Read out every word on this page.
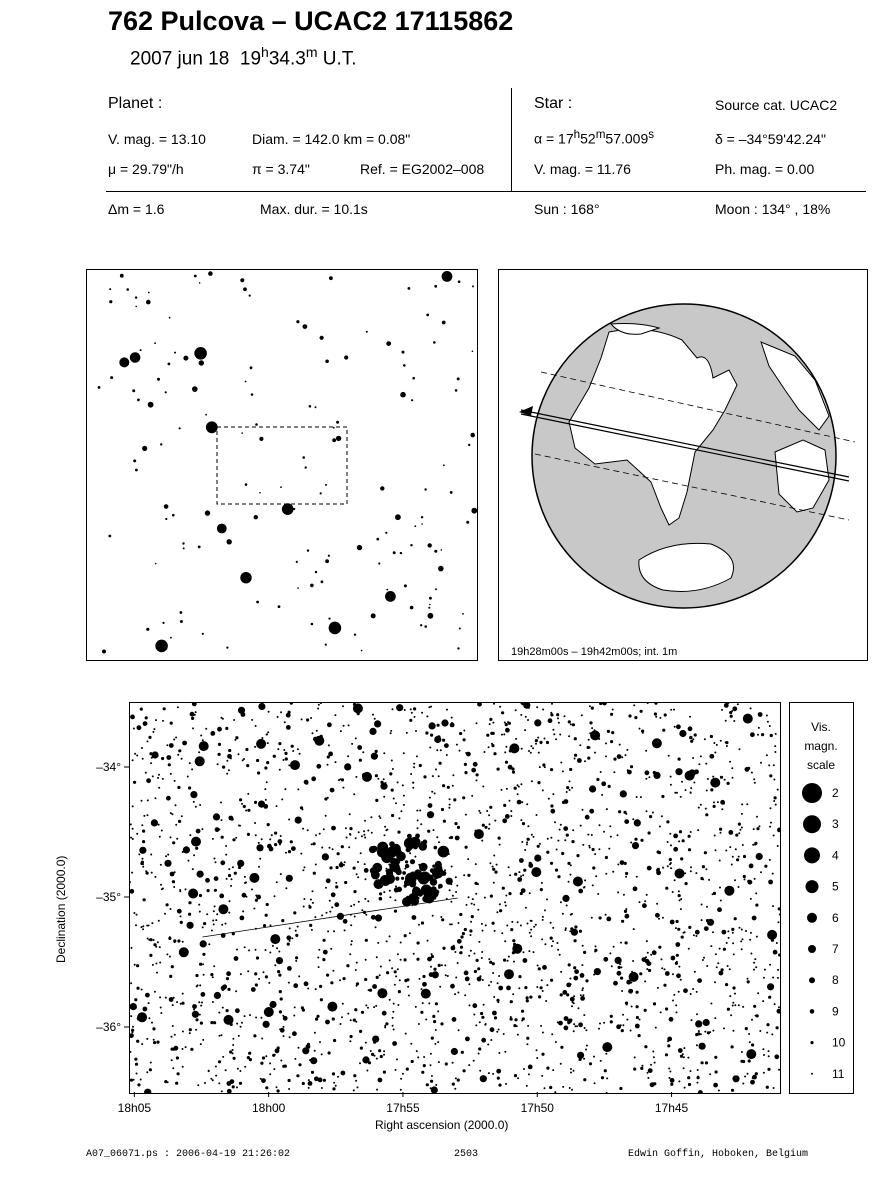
762 Pulcova – UCAC2 17115862
2007 jun 18 19$^h$34.3$^m$ U.T.
Planet :
V. mag. = 13.10	Diam. = 142.0 km = 0.08"
μ = 29.79"/h	π = 3.74"	Ref. = EG2002–008
Star :	Source cat. UCAC2
$\alpha = 17^h52^m57.009^s$	δ = –34°59'42.24"
V. mag. = 11.76	Ph. mag. = 0.00
Δm = 1.6	Max. dur. = 10.1s	Sun : 168°	Moon : 134° , 18%
19h28m00s – 19h42m00s; int. 1m
18h05	18h00	17h55	17h50	17h45
–34°
–35°
–36°
Right ascension (2000.0)
Declination (2000.0)
Vis.
magn.
scale
2
3
4
5
6
7
8
9
10
11
A07_06071.ps : 2006-04-19 21:26:02	2503	Edwin Goffin, Hoboken, Belgium
